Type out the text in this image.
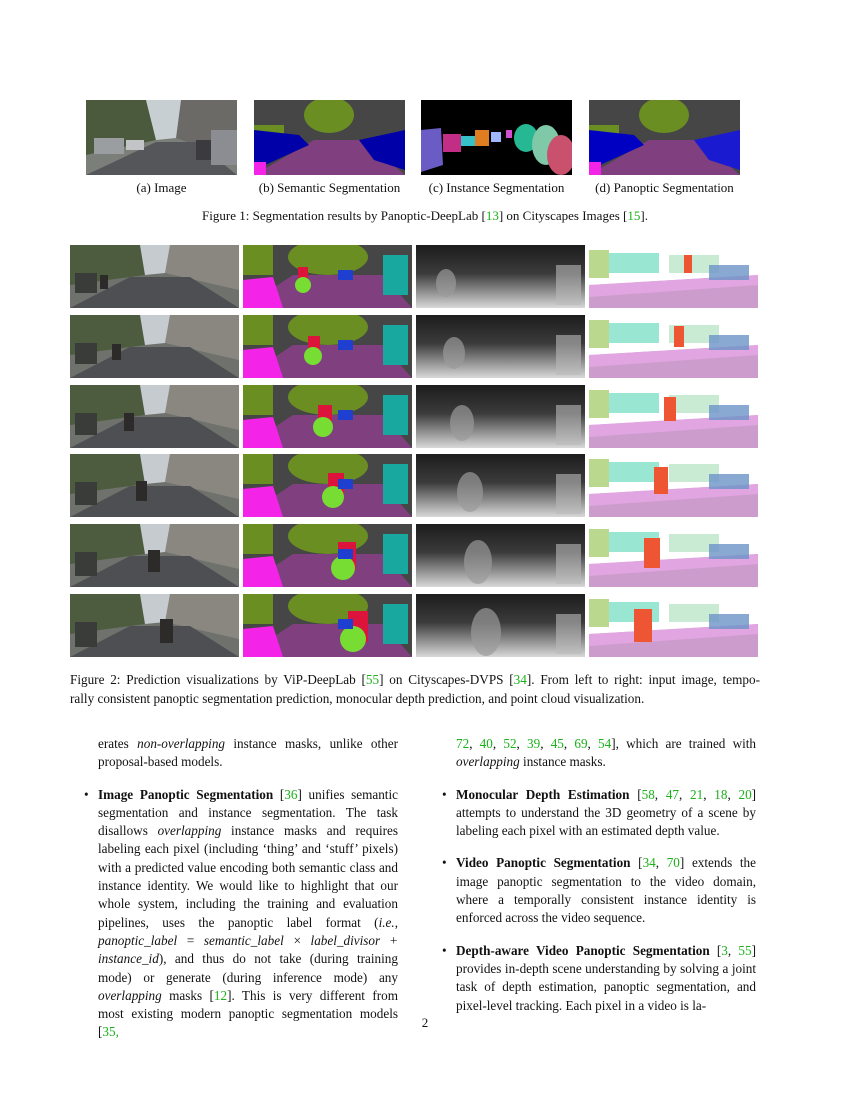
(a) Image	(b) Semantic Segmentation	(c) Instance Segmentation	(d) Panoptic Segmentation
Figure 1: Segmentation results by Panoptic-DeepLab [13] on Cityscapes Images [15].
Figure 2: Prediction visualizations by ViP-DeepLab [55] on Cityscapes-DVPS [34]. From left to right: input image, tempo-
rally consistent panoptic segmentation prediction, monocular depth prediction, and point cloud visualization.

erates non-overlapping instance masks, unlike other proposal-based models.

• Image Panoptic Segmentation [36] unifies semantic segmentation and instance segmentation. The task disallows overlapping instance masks and requires labeling each pixel (including ‘thing’ and ‘stuff’ pixels) with a predicted value encoding both semantic class and instance identity. We would like to highlight that our whole system, including the training and evaluation pipelines, uses the panoptic label format (i.e., panoptic_label = semantic_label × label_divisor + instance_id), and thus do not take (during training mode) or generate (during inference mode) any overlapping masks [12]. This is very different from most existing modern panoptic segmentation models [35,

72, 40, 52, 39, 45, 69, 54], which are trained with overlapping instance masks.

• Monocular Depth Estimation [58, 47, 21, 18, 20] attempts to understand the 3D geometry of a scene by labeling each pixel with an estimated depth value.
• Video Panoptic Segmentation [34, 70] extends the image panoptic segmentation to the video domain, where a temporally consistent instance identity is enforced across the video sequence.
• Depth-aware Video Panoptic Segmentation [3, 55] provides in-depth scene understanding by solving a joint task of depth estimation, panoptic segmentation, and pixel-level tracking. Each pixel in a video is la-
2
